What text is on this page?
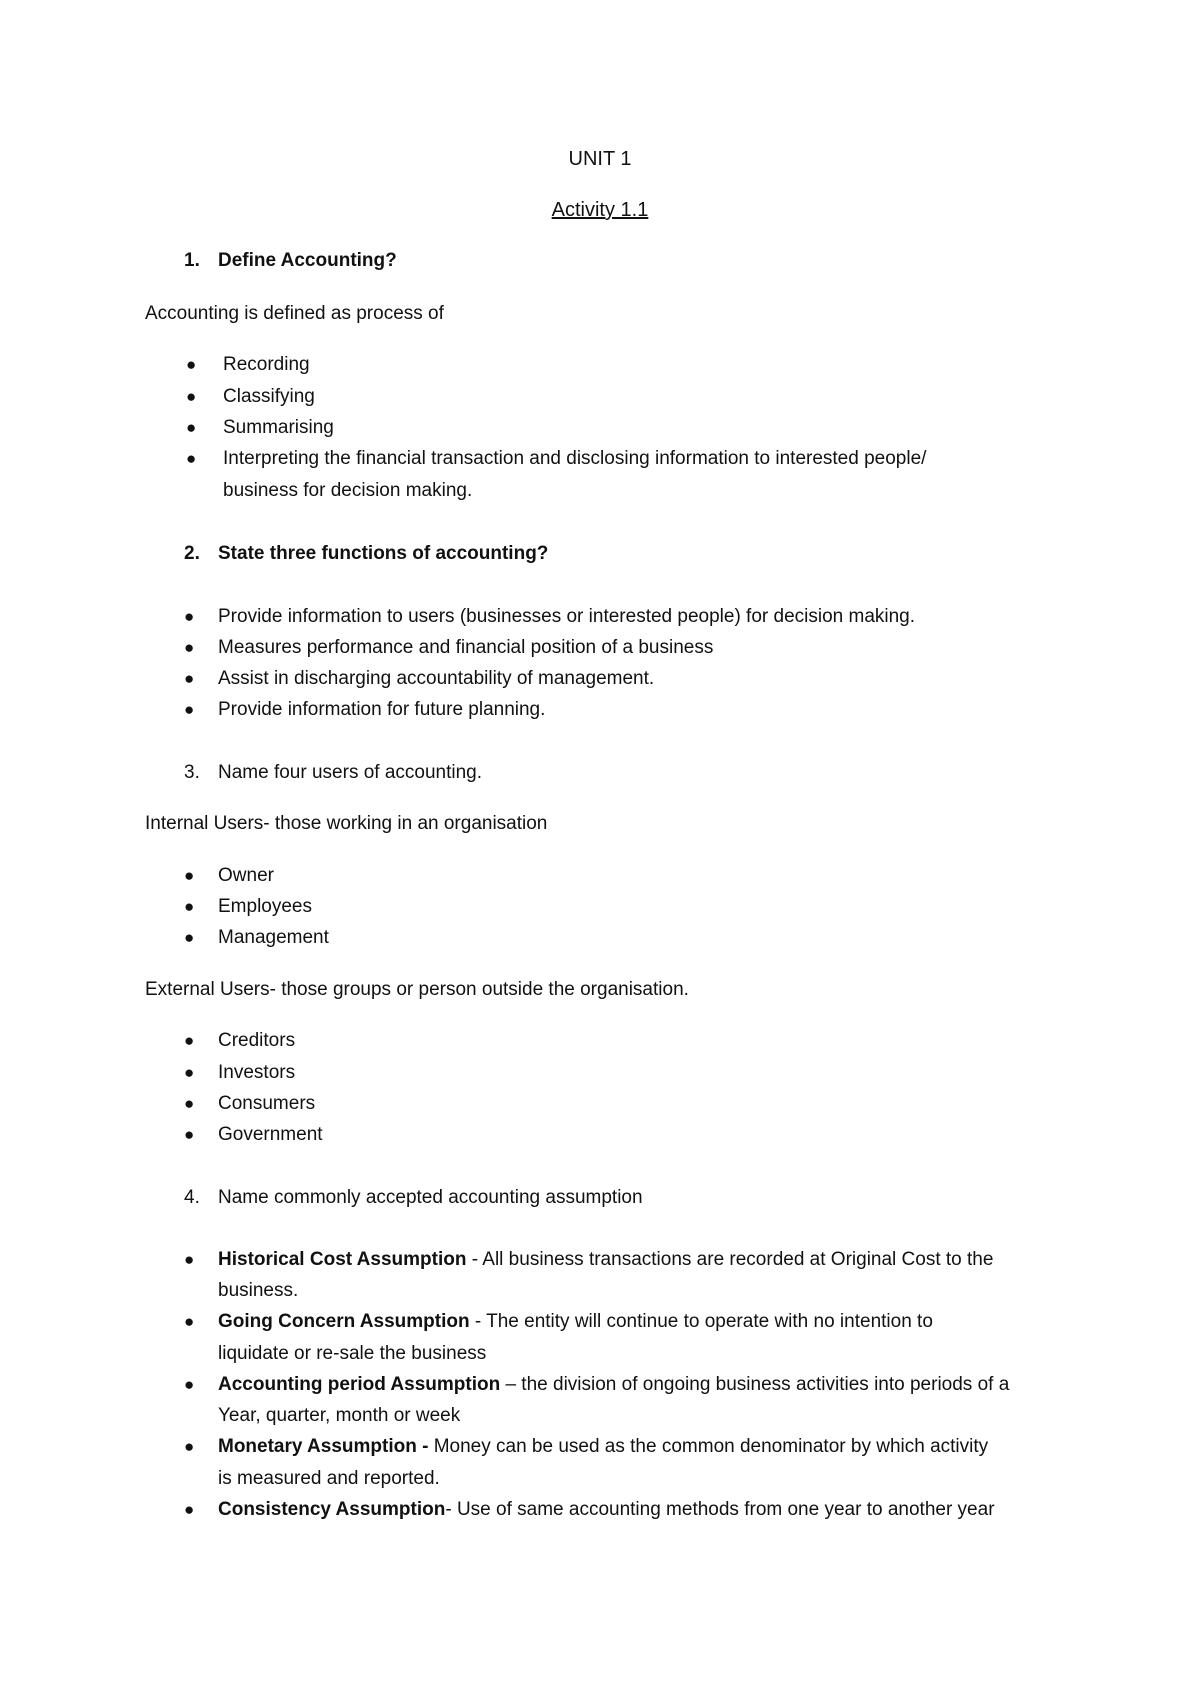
UNIT 1
Activity 1.1
1. Define Accounting?
Accounting is defined as process of
● Recording
● Classifying
● Summarising
● Interpreting the financial transaction and disclosing information to interested people/
business for decision making.
2. State three functions of accounting?
● Provide information to users (businesses or interested people) for decision making.
● Measures performance and financial position of a business
● Assist in discharging accountability of management.
● Provide information for future planning.
3. Name four users of accounting.
Internal Users- those working in an organisation
● Owner
● Employees
● Management
External Users- those groups or person outside the organisation.
● Creditors
● Investors
● Consumers
● Government
4. Name commonly accepted accounting assumption
● Historical Cost Assumption - All business transactions are recorded at Original Cost to the
business.
● Going Concern Assumption - The entity will continue to operate with no intention to
liquidate or re-sale the business
● Accounting period Assumption – the division of ongoing business activities into periods of a
Year, quarter, month or week
● Monetary Assumption - Money can be used as the common denominator by which activity
is measured and reported.
● Consistency Assumption- Use of same accounting methods from one year to another year
